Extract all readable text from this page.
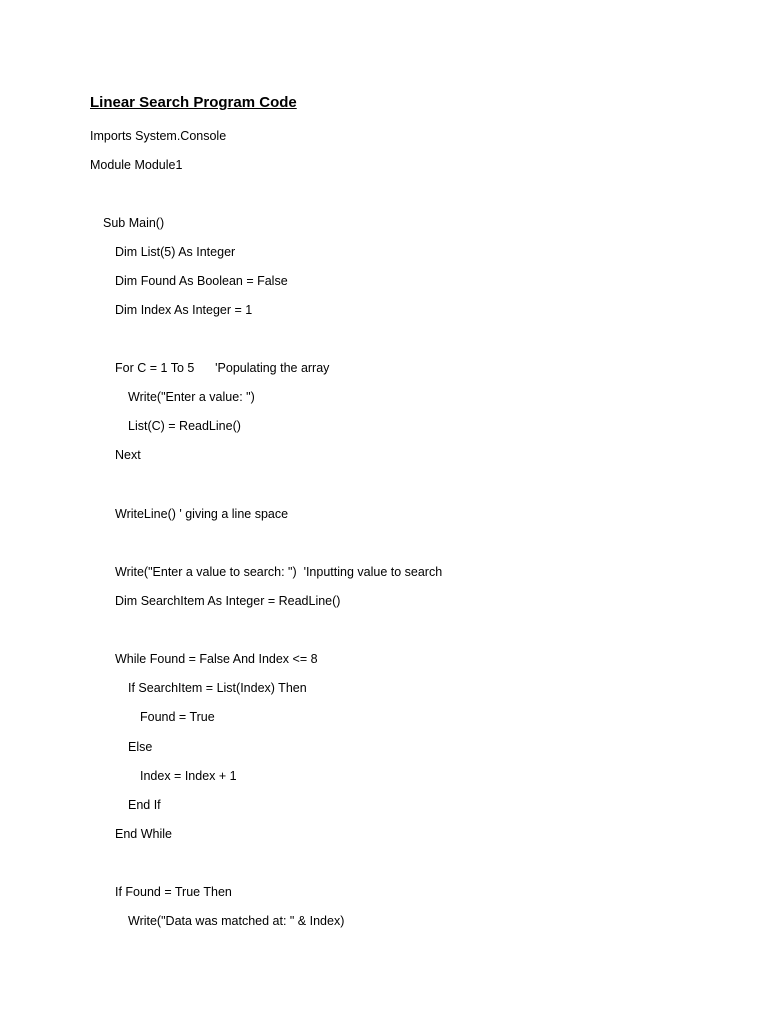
Linear Search Program Code
Imports System.Console
Module Module1
Sub Main()
Dim List(5) As Integer
Dim Found As Boolean = False
Dim Index As Integer = 1
For C = 1 To 5      'Populating the array
Write("Enter a value: ")
List(C) = ReadLine()
Next
WriteLine() ' giving a line space
Write("Enter a value to search: ")  'Inputting value to search
Dim SearchItem As Integer = ReadLine()
While Found = False And Index <= 8
If SearchItem = List(Index) Then
Found = True
Else
Index = Index + 1
End If
End While
If Found = True Then
Write("Data was matched at: " & Index)
